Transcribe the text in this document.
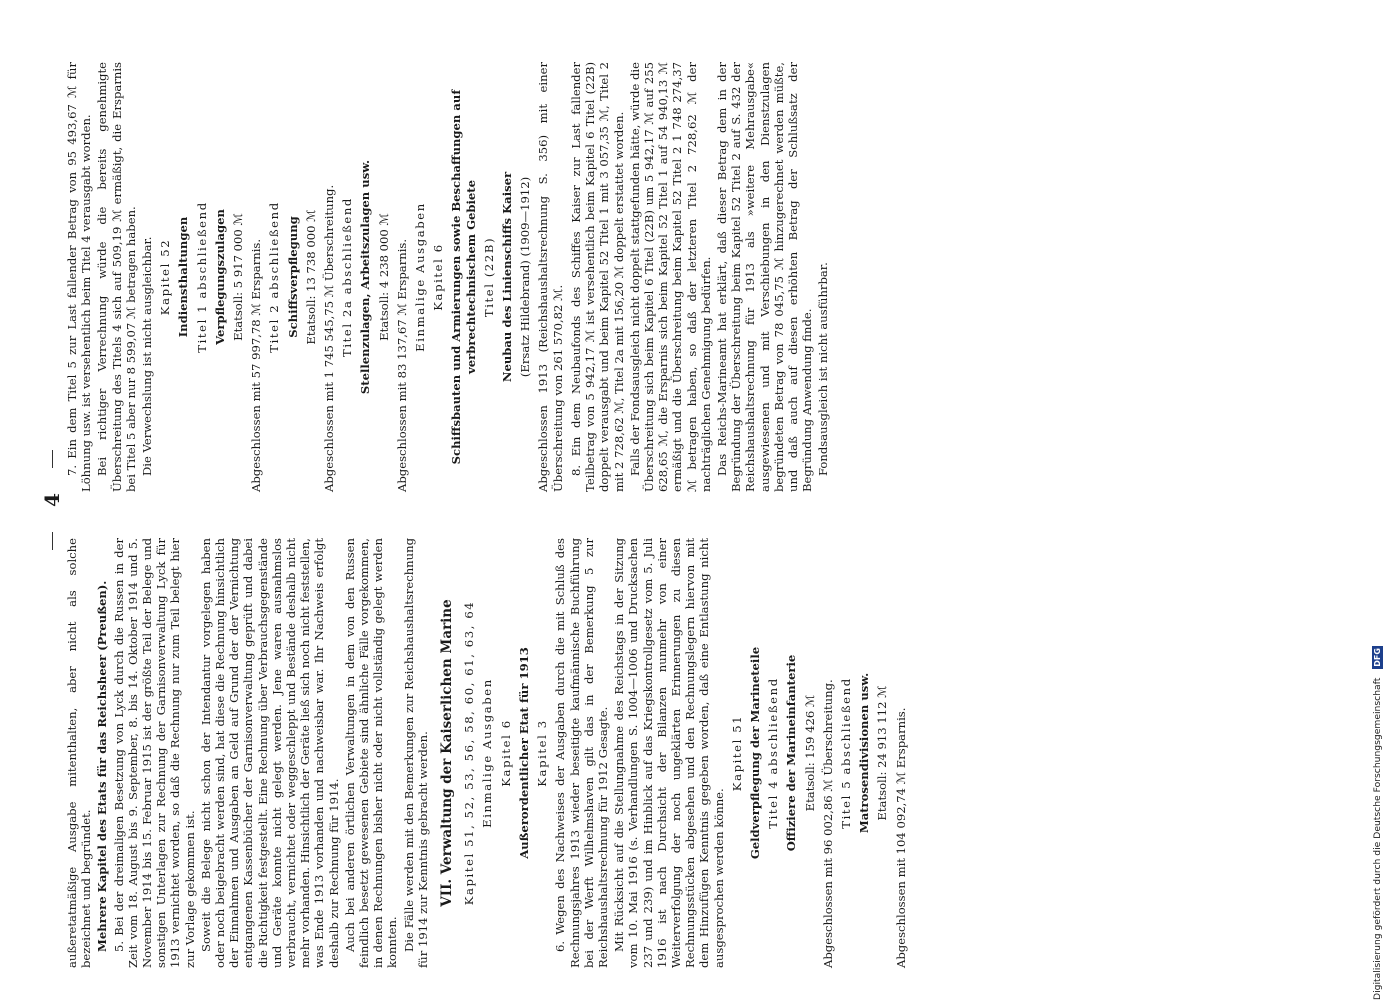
4

außeretatmäßige Ausgabe mitenthalten, aber nicht als solche bezeichnet und begründet. Mehrere Kapitel des Etats für das Reichsheer (Preußen). 5. Bei der dreimaligen Besetzung von Lyck durch die Russen in der Zeit vom 18. August bis 9. September, 8. bis 14. Oktober 1914 und 5. November 1914 bis 15. Februar 1915 ist der größte Teil der Belege und sonstigen Unterlagen zur Rechnung der Garnisonverwaltung Lyck für 1913 vernichtet worden, so daß die Rechnung nur zum Teil belegt hier zur Vorlage gekommen ist. Soweit die Belege nicht schon der Intendantur vorgelegen haben oder noch beigebracht werden sind, hat diese die Rechnung hinsichtlich der Einnahmen und Ausgaben an Geld auf Grund der der Vernichtung entgangenen Kassenbücher der Garnisonverwaltung geprüft und dabei die Richtigkeit festgestellt. Eine Rechnung über Verbrauchsgegenstände und Geräte konnte nicht gelegt werden. Jene waren ausnahmslos verbraucht, vernichtet oder weggeschleppt und Bestände deshalb nicht mehr vorhanden. Hinsichtlich der Geräte ließ sich noch nicht feststellen, was Ende 1913 vorhanden und nachweisbar war. Ihr Nachweis erfolgt deshalb zur Rechnung für 1914. Auch bei anderen örtlichen Verwaltungen in dem von den Russen feindlich besetzt gewesenen Gebiete sind ähnliche Fälle vorgekommen, in denen Rechnungen bisher nicht oder nicht vollständig gelegt werden konnten. Die Fälle werden mit den Bemerkungen zur Reichshaushaltsrechnung für 1914 zur Kenntnis gebracht werden. VII. Verwaltung der Kaiserlichen Marine Kapitel 51, 52, 53, 56, 58, 60, 61, 63, 64 Einmalige Ausgaben Kapitel 6 Außerordentlicher Etat für 1913 Kapitel 3 6. Wegen des Nachweises der Ausgaben durch die mit Schluß des Rechnungsjahres 1913 wieder beseitigte kaufmännische Buchführung bei der Werft Wilhelmshaven gilt das in der Bemerkung 5 zur Reichshaushaltsrechnung für 1912 Gesagte. Mit Rücksicht auf die Stellungnahme des Reichstags in der Sitzung vom 10. Mai 1916 (s. Verhandlungen S. 1004—1006 und Drucksachen 237 und 239) und im Hinblick auf das Kriegskontrollgesetz vom 5. Juli 1916 ist nach Durchsicht der Bilanzen nunmehr von einer Weiterverfolgung der noch ungeklärten Erinnerungen zu diesen Rechnungsstücken abgesehen und den Rechnungslegern hiervon mit dem Hinzufügen Kenntnis gegeben worden, daß eine Entlastung nicht ausgesprochen werden könne.

Kapitel 51 Geldverpflegung der Marineteile Titel 4 abschließend Offiziere der Marineinfanterie Etatsoll: 159 426 ℳ Abgeschlossen mit 96 002,86 ℳ Überschreitung. Titel 5 abschließend Matrosendivisionen usw. Etatsoll: 24 913 112 ℳ Abgeschlossen mit 104 092,74 ℳ Ersparnis.

7. Ein dem Titel 5 zur Last fallender Betrag von 95 493,67 ℳ für Löhnung usw. ist versehentlich beim Titel 4 verausgabt worden. Bei richtiger Verrechnung würde die bereits genehmigte Überschreitung des Titels 4 sich auf 509,19 ℳ ermäßigt, die Ersparnis bei Titel 5 aber nur 8 599,07 ℳ betragen haben. Die Verwechslung ist nicht ausgleichbar. Kapitel 52 Indiensthaltungen Titel 1 abschließend Verpflegungszulagen Etatsoll: 5 917 000 ℳ Abgeschlossen mit 57 997,78 ℳ Ersparnis. Titel 2 abschließend Schiffsverpflegung Etatsoll: 13 738 000 ℳ Abgeschlossen mit 1 745 545,75 ℳ Überschreitung. Titel 2a abschließend Stellenzulagen, Arbeitszulagen usw. Etatsoll: 4 238 000 ℳ Abgeschlossen mit 83 137,67 ℳ Ersparnis. Einmalige Ausgaben Kapitel 6 Schiffsbauten und Armierungen sowie Beschaffungen auf verbrechtechnischem Gebiete Titel (22B) Neubau des Linienschiffs Kaiser (Ersatz Hildebrand) (1909—1912) Abgeschlossen 1913 (Reichshaushaltsrechnung S. 356) mit einer Überschreitung von 261 570,82 ℳ. 8. Ein dem Neubaufonds des Schiffes Kaiser zur Last fallender Teilbetrag von 5 942,17 ℳ ist versehentlich beim Kapitel 6 Titel (22B) doppelt verausgabt und beim Kapitel 52 Titel 1 mit 3 057,35 ℳ, Titel 2 mit 2 728,62 ℳ, Titel 2a mit 156,20 ℳ doppelt erstattet worden. Falls der Fondsausgleich nicht doppelt stattgefunden hätte, würde die Überschreitung sich beim Kapitel 6 Titel (22B) um 5 942,17 ℳ auf 255 628,65 ℳ, die Ersparnis sich beim Kapitel 52 Titel 1 auf 54 940,13 ℳ ermäßigt und die Überschreitung beim Kapitel 52 Titel 2 1 748 274,37 ℳ betragen haben, so daß der letzteren Titel 2 728,62 ℳ der nachträglichen Genehmigung bedürfen. Das Reichs-Marineamt hat erklärt, daß dieser Betrag dem in der Begründung der Überschreitung beim Kapitel 52 Titel 2 auf S. 432 der Reichshaushaltsrechnung für 1913 als »weitere Mehrausgabe« ausgewiesenen und mit Verschiebungen in den Dienstzulagen begründeten Betrag von 78 045,75 ℳ hinzugerechnet werden müßte, und daß auch auf diesen erhöhten Betrag der Schlußsatz der Begründung Anwendung finde. Fondsausgleich ist nicht ausführbar.

Digitalisierung gefördert durch die Deutsche Forschungsgemeinschaft DFG
